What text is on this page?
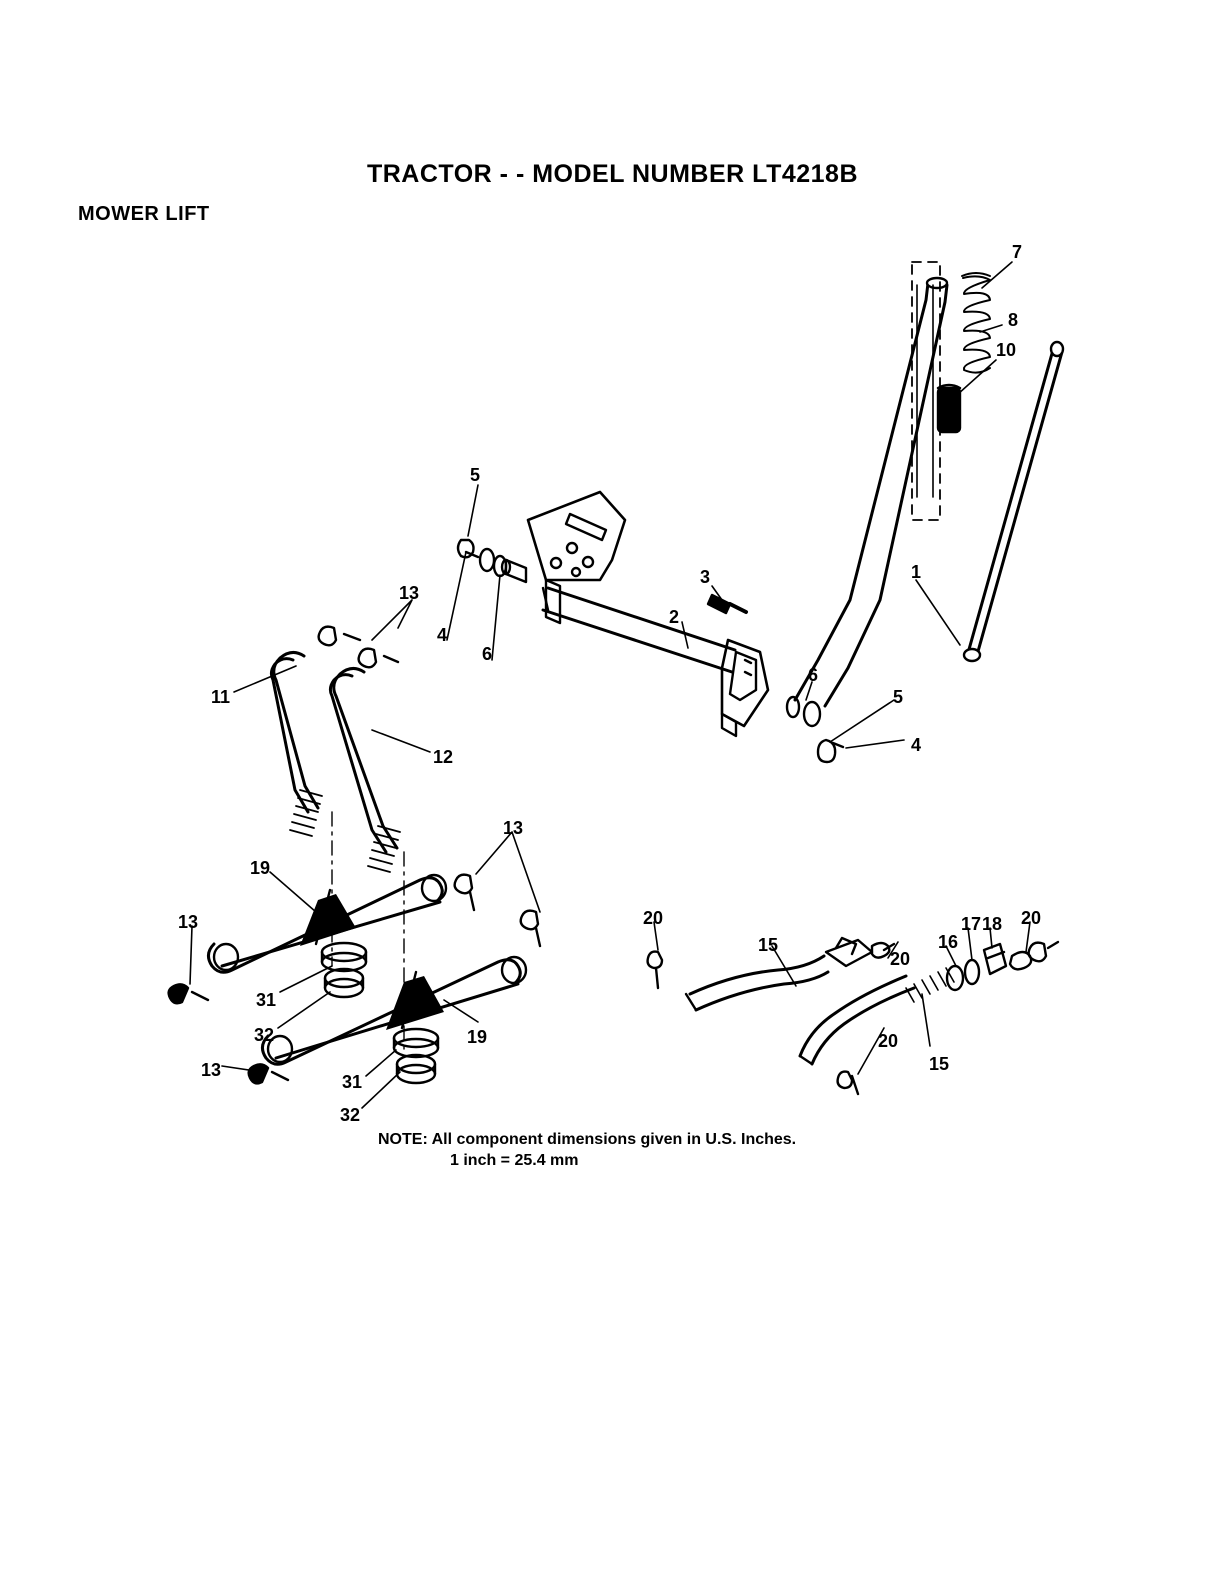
TRACTOR - - MODEL NUMBER LT4218B
MOWER LIFT
7
8
10
5
3	1
13
4
2
6
6
11	5
12
4
13
19
13	20
15
20
16
17 18 20
31
32	19	20
15
13
31
32
NOTE: All component dimensions given in U.S. Inches.
1 inch = 25.4 mm
